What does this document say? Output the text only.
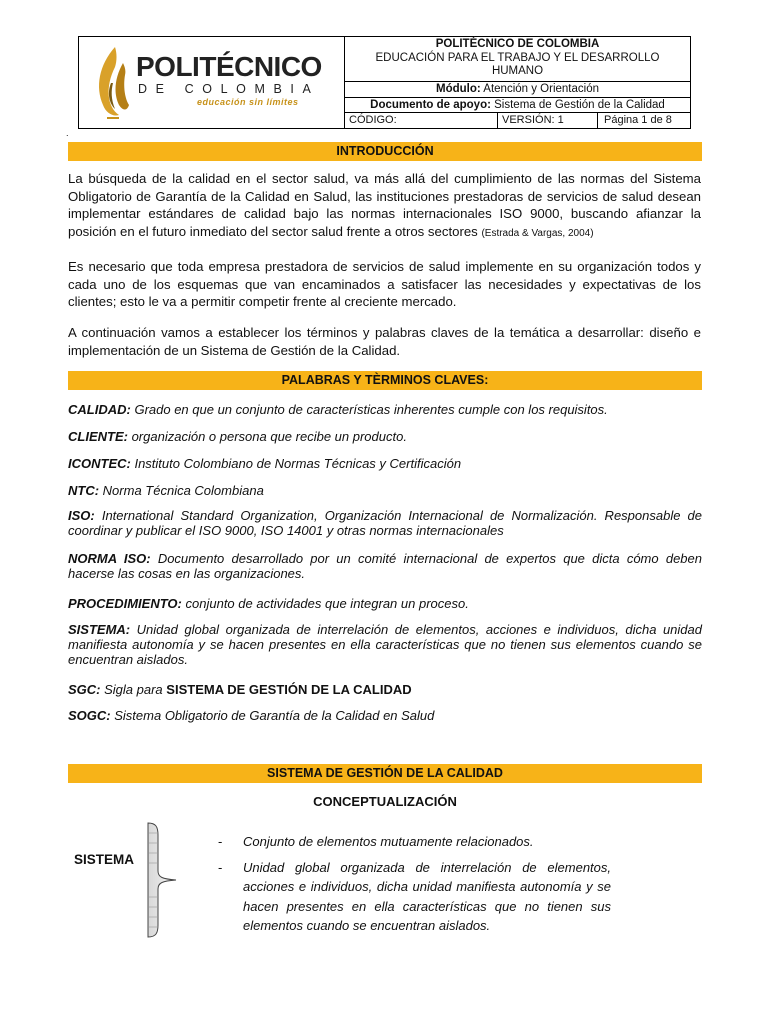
POLITÉCNICO
DE COLOMBIA
educación sin límites
POLITÉCNICO DE COLOMBIA
EDUCACIÓN PARA EL TRABAJO Y EL DESARROLLO HUMANO
Módulo: Atención y Orientación
Documento de apoyo: Sistema de Gestión de la Calidad
CÓDIGO:	VERSIÓN: 1	Página 1 de 8
.
INTRODUCCIÓN
La búsqueda de la calidad en el sector salud, va más allá del cumplimiento de las normas del Sistema Obligatorio de Garantía de la Calidad en Salud, las instituciones prestadoras de servicios de salud desean implementar estándares de calidad bajo las normas internacionales ISO 9000, buscando afianzar la posición en el futuro inmediato del sector salud frente a otros sectores (Estrada & Vargas, 2004)
Es necesario que toda empresa prestadora de servicios de salud implemente en su organización todos y cada uno de los esquemas que van encaminados a satisfacer las necesidades y expectativas de los clientes; esto le va a permitir competir frente al creciente mercado.
A continuación vamos a establecer los términos y palabras claves de la temática a desarrollar: diseño e implementación de un Sistema de Gestión de la Calidad.
PALABRAS Y TÈRMINOS CLAVES:
CALIDAD: Grado en que un conjunto de características inherentes cumple con los requisitos.
CLIENTE: organización o persona que recibe un producto.
ICONTEC: Instituto Colombiano de Normas Técnicas y Certificación
NTC: Norma Técnica Colombiana
ISO: International Standard Organization, Organización Internacional de Normalización. Responsable de coordinar y publicar el ISO 9000, ISO 14001 y otras normas internacionales
NORMA ISO: Documento desarrollado por un comité internacional de expertos que dicta cómo deben hacerse las cosas en las organizaciones.
PROCEDIMIENTO: conjunto de actividades que integran un proceso.
SISTEMA: Unidad global organizada de interrelación de elementos, acciones e individuos, dicha unidad manifiesta autonomía y se hacen presentes en ella características que no tienen sus elementos cuando se encuentran aislados.
SGC: Sigla para SISTEMA DE GESTIÓN DE LA CALIDAD
SOGC: Sistema Obligatorio de Garantía de la Calidad en Salud
SISTEMA DE GESTIÓN DE LA CALIDAD
CONCEPTUALIZACIÓN
SISTEMA
- Conjunto de elementos mutuamente relacionados.
- Unidad global organizada de interrelación de elementos, acciones e individuos, dicha unidad manifiesta autonomía y se hacen presentes en ella características que no tienen sus elementos cuando se encuentran aislados.
